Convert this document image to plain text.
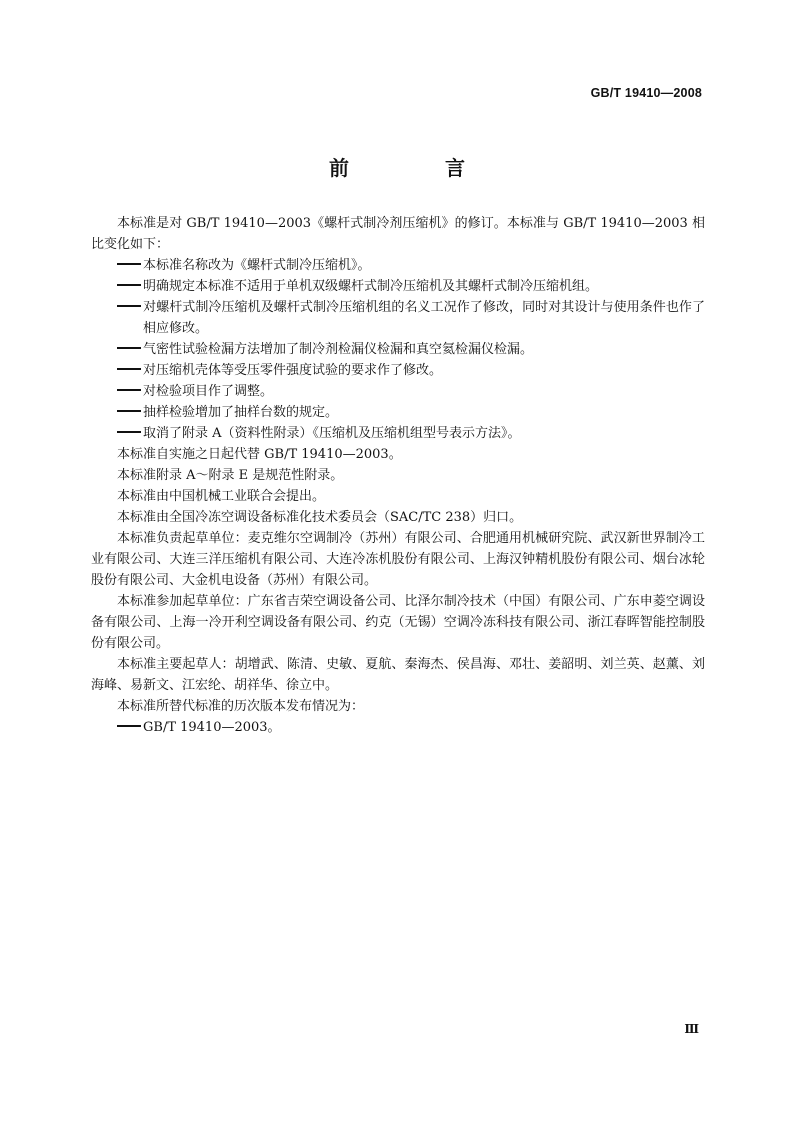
GB/T 19410—2008
前　言

本标准是对 GB/T 19410—2003《螺杆式制冷剂压缩机》的修订。本标准与 GB/T 19410—2003 相比变化如下：

本标准名称改为《螺杆式制冷压缩机》。

明确规定本标准不适用于单机双级螺杆式制冷压缩机及其螺杆式制冷压缩机组。

对螺杆式制冷压缩机及螺杆式制冷压缩机组的名义工况作了修改，同时对其设计与使用条件也作了相应修改。

气密性试验检漏方法增加了制冷剂检漏仪检漏和真空氦检漏仪检漏。

对压缩机壳体等受压零件强度试验的要求作了修改。

对检验项目作了调整。

抽样检验增加了抽样台数的规定。

取消了附录 A（资料性附录）《压缩机及压缩机组型号表示方法》。

本标准自实施之日起代替 GB/T 19410—2003。

本标准附录 A～附录 E 是规范性附录。

本标准由中国机械工业联合会提出。

本标准由全国冷冻空调设备标准化技术委员会（SAC/TC 238）归口。

本标准负责起草单位：麦克维尔空调制冷（苏州）有限公司、合肥通用机械研究院、武汉新世界制冷工业有限公司、大连三洋压缩机有限公司、大连冷冻机股份有限公司、上海汉钟精机股份有限公司、烟台冰轮股份有限公司、大金机电设备（苏州）有限公司。

本标准参加起草单位：广东省吉荣空调设备公司、比泽尔制冷技术（中国）有限公司、广东申菱空调设备有限公司、上海一冷开利空调设备有限公司、约克（无锡）空调冷冻科技有限公司、浙江春晖智能控制股份有限公司。

本标准主要起草人：胡增武、陈清、史敏、夏航、秦海杰、侯昌海、邓壮、姜韶明、刘兰英、赵薰、刘海峰、易新文、江宏纶、胡祥华、徐立中。

本标准所替代标准的历次版本发布情况为：

GB/T 19410—2003。

Ⅲ
